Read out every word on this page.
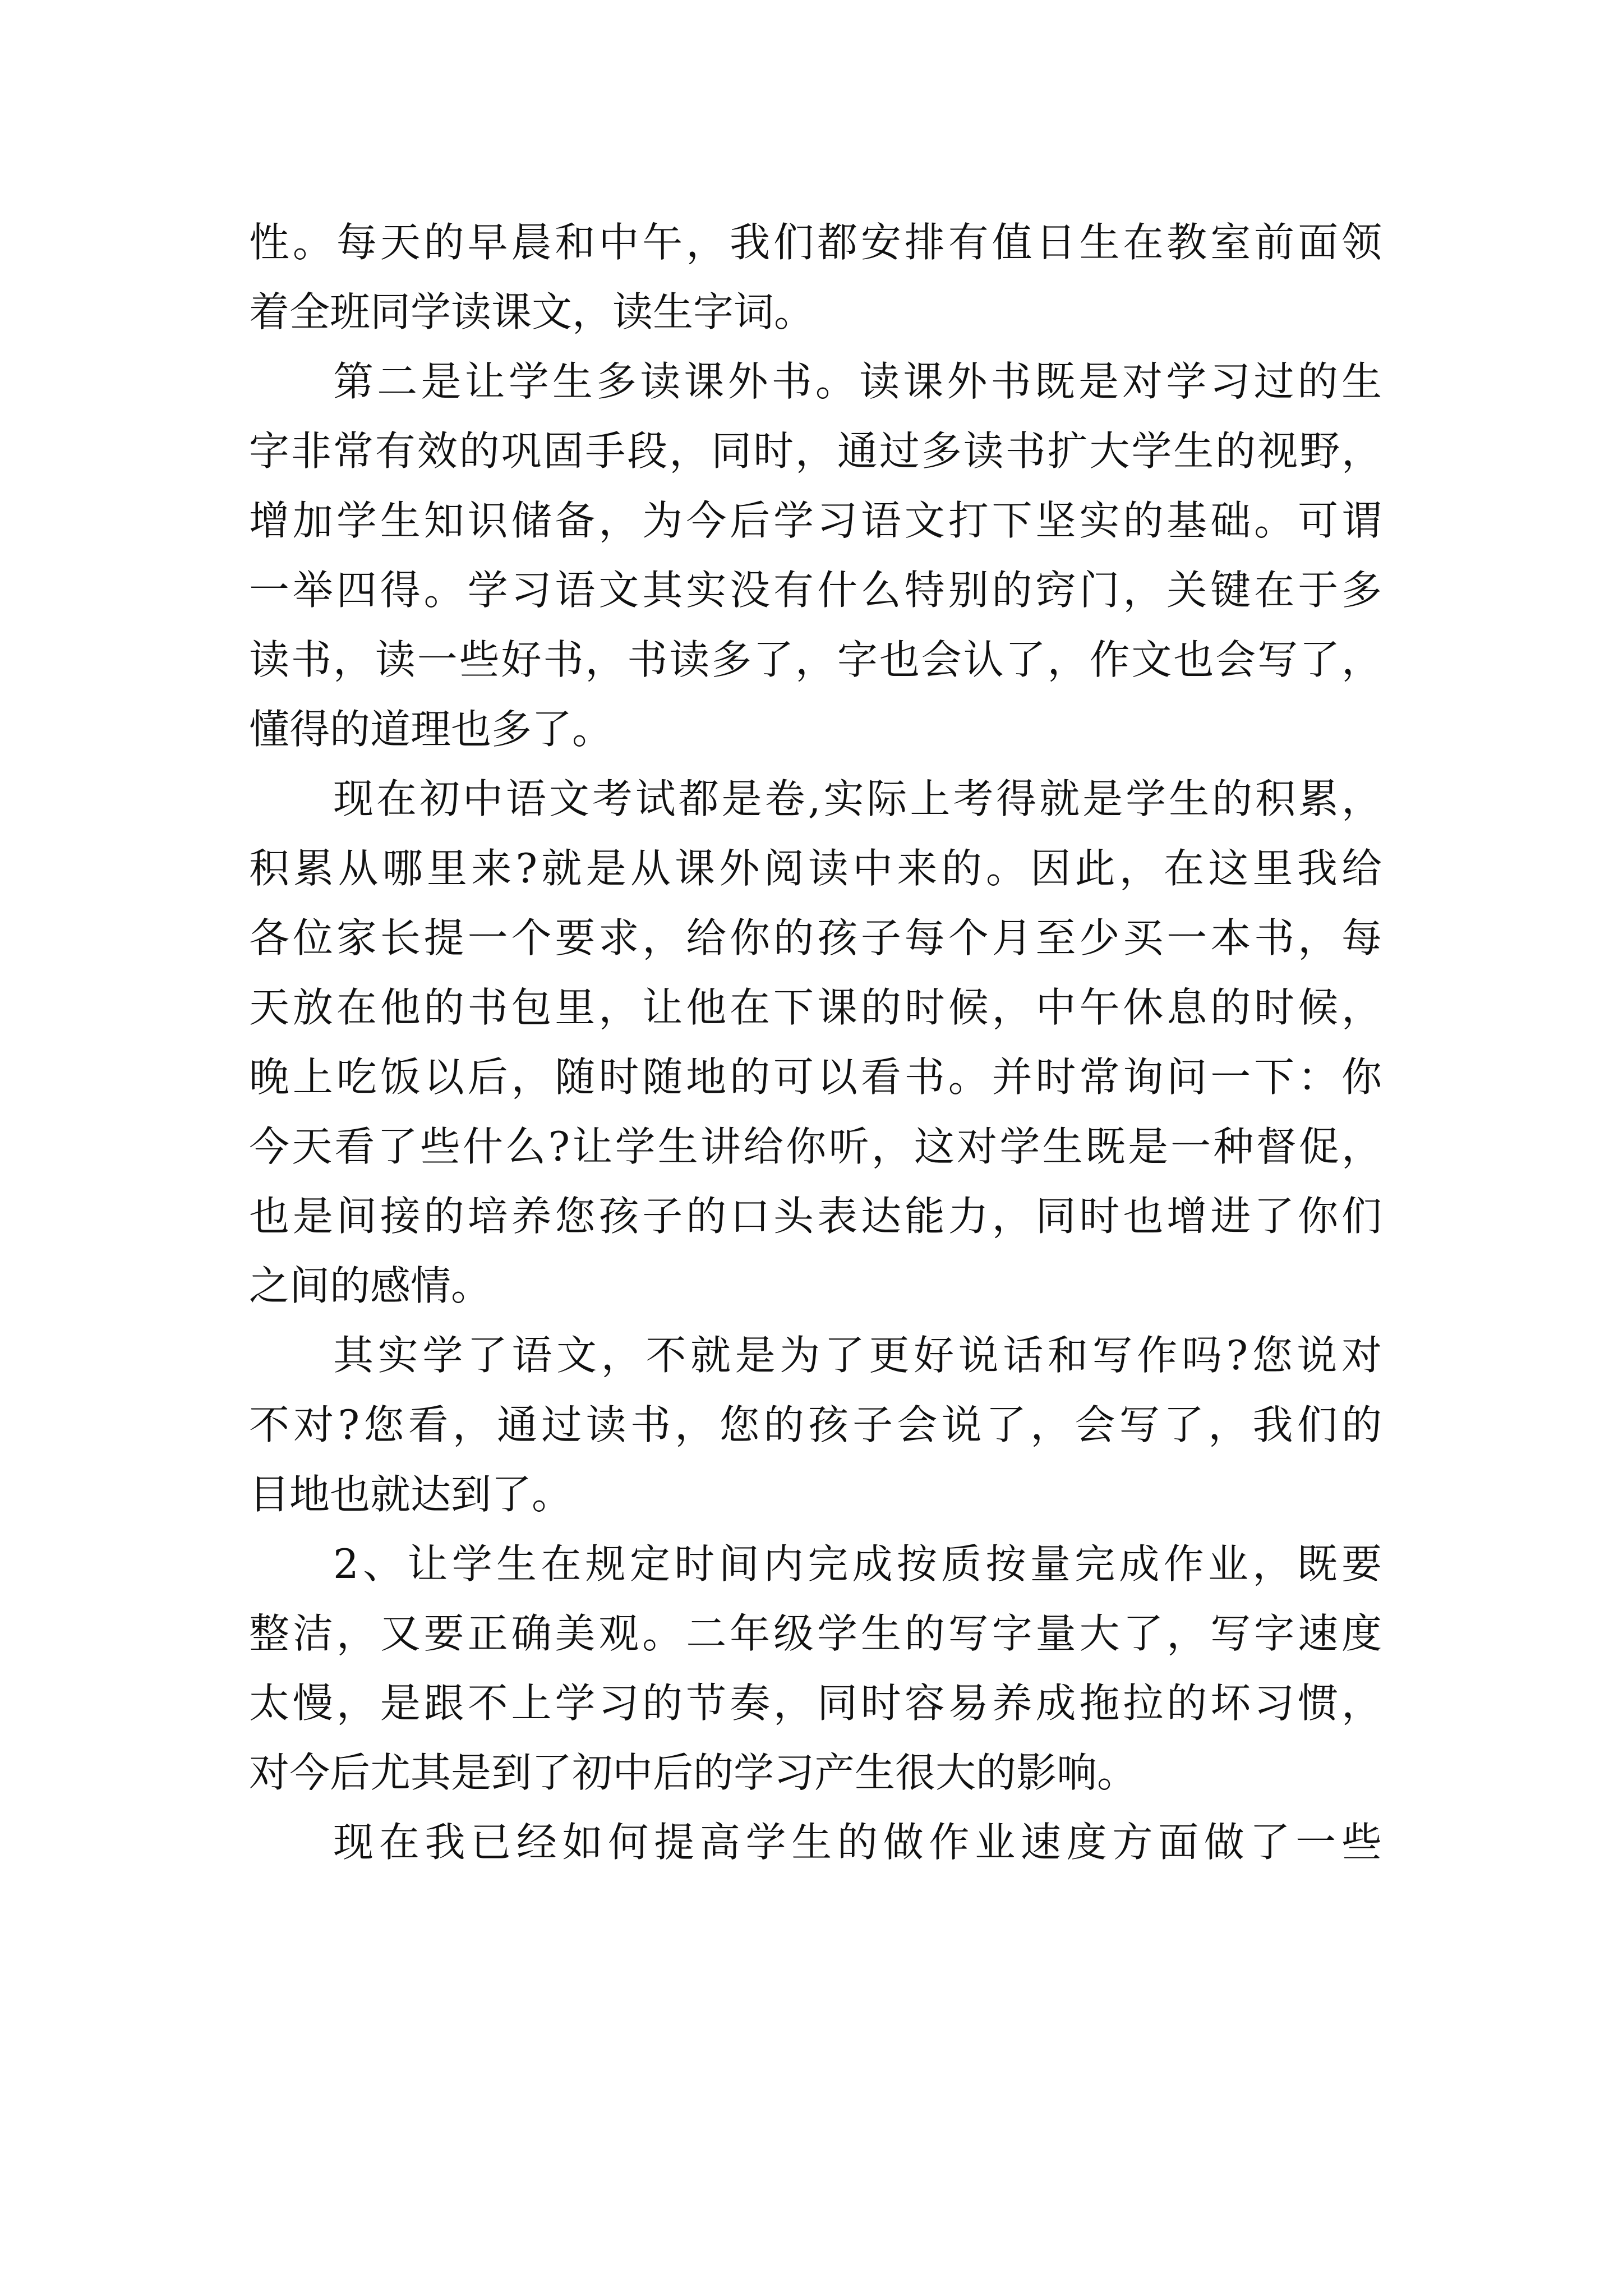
性。每天的早晨和中午，我们都安排有值日生在教室前面领
着全班同学读课文，读生字词。
第二是让学生多读课外书。读课外书既是对学习过的生
字非常有效的巩固手段，同时，通过多读书扩大学生的视野，
增加学生知识储备，为今后学习语文打下坚实的基础。可谓
一举四得。学习语文其实没有什么特别的窍门，关键在于多
读书，读一些好书，书读多了，字也会认了，作文也会写了，
懂得的道理也多了。
现在初中语文考试都是卷,实际上考得就是学生的积累，
积累从哪里来?就是从课外阅读中来的。因此，在这里我给
各位家长提一个要求，给你的孩子每个月至少买一本书，每
天放在他的书包里，让他在下课的时候，中午休息的时候，
晚上吃饭以后，随时随地的可以看书。并时常询问一下：你
今天看了些什么?让学生讲给你听，这对学生既是一种督促，
也是间接的培养您孩子的口头表达能力，同时也增进了你们
之间的感情。
其实学了语文，不就是为了更好说话和写作吗?您说对
不对?您看，通过读书，您的孩子会说了，会写了，我们的
目地也就达到了。
2、让学生在规定时间内完成按质按量完成作业，既要
整洁，又要正确美观。二年级学生的写字量大了，写字速度
太慢，是跟不上学习的节奏，同时容易养成拖拉的坏习惯，
对今后尤其是到了初中后的学习产生很大的影响。
现在我已经如何提高学生的做作业速度方面做了一些
